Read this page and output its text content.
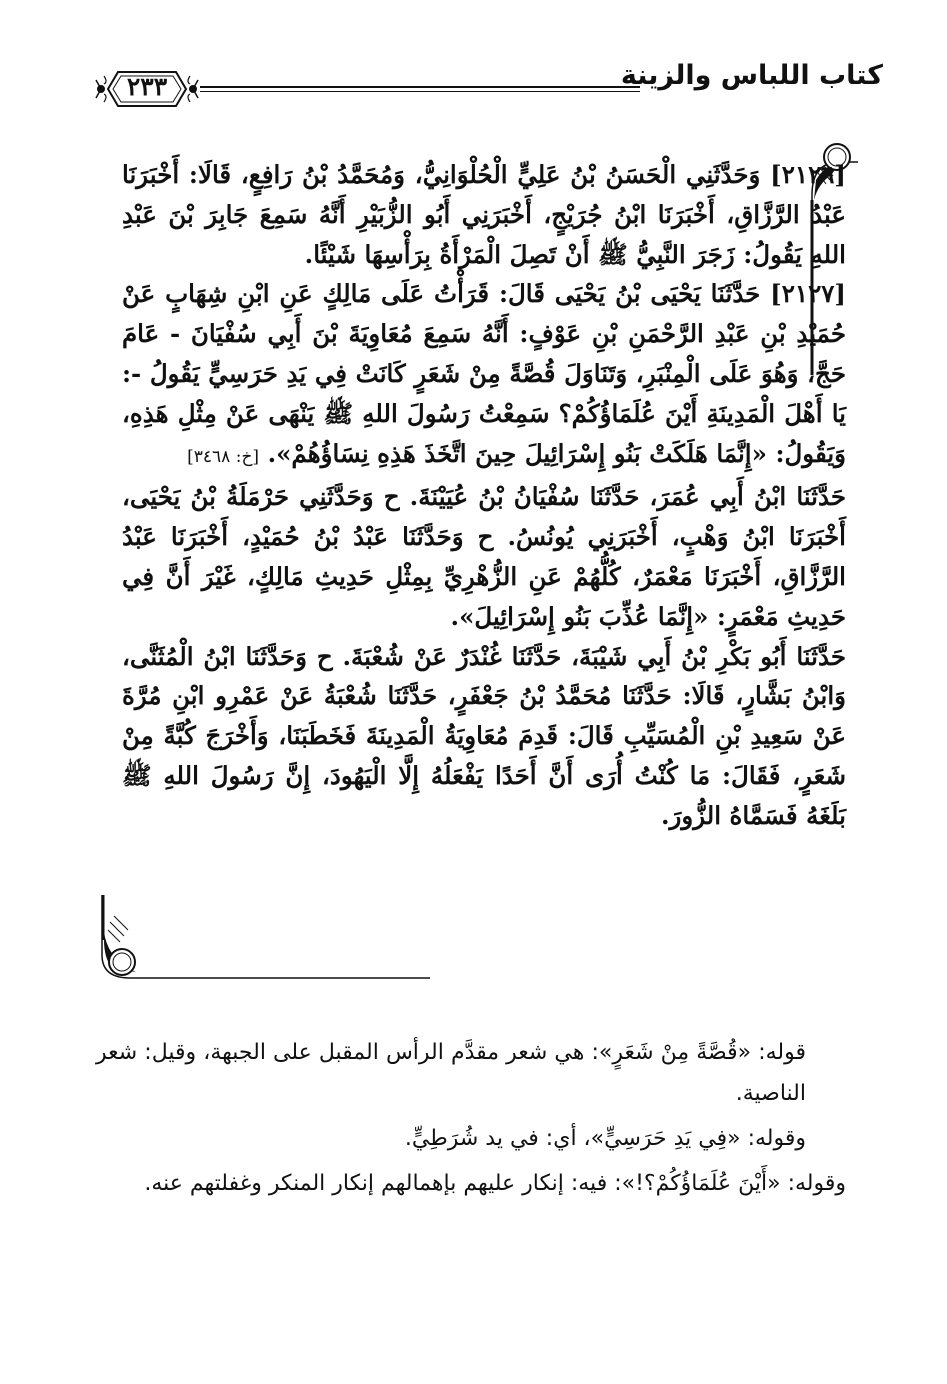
كتاب اللباس والزينة
٢٣٣

[٢١٢٦] وَحَدَّثَنِي الْحَسَنُ بْنُ عَلِيٍّ الْحُلْوَانِيُّ، وَمُحَمَّدُ بْنُ رَافِعٍ، قَالَا: أَخْبَرَنَا عَبْدُ الرَّزَّاقِ، أَخْبَرَنَا ابْنُ جُرَيْجٍ، أَخْبَرَنِي أَبُو الزُّبَيْرِ أَنَّهُ سَمِعَ جَابِرَ بْنَ عَبْدِ اللهِ يَقُولُ: زَجَرَ النَّبِيُّ ﷺ أَنْ تَصِلَ الْمَرْأَةُ بِرَأْسِهَا شَيْئًا.

[٢١٢٧] حَدَّثَنَا يَحْيَى بْنُ يَحْيَى قَالَ: قَرَأْتُ عَلَى مَالِكٍ عَنِ ابْنِ شِهَابٍ عَنْ حُمَيْدِ بْنِ عَبْدِ الرَّحْمَنِ بْنِ عَوْفٍ: أَنَّهُ سَمِعَ مُعَاوِيَةَ بْنَ أَبِي سُفْيَانَ - عَامَ حَجَّ، وَهُوَ عَلَى الْمِنْبَرِ، وَتَنَاوَلَ قُصَّةً مِنْ شَعَرٍ كَانَتْ فِي يَدِ حَرَسِيٍّ يَقُولُ -: يَا أَهْلَ الْمَدِينَةِ أَيْنَ عُلَمَاؤُكُمْ؟ سَمِعْتُ رَسُولَ اللهِ ﷺ يَنْهَى عَنْ مِثْلِ هَذِهِ، وَيَقُولُ: «إِنَّمَا هَلَكَتْ بَنُو إِسْرَائِيلَ حِينَ اتَّخَذَ هَذِهِ نِسَاؤُهُمْ». [خ: ٣٤٦٨]

حَدَّثَنَا ابْنُ أَبِي عُمَرَ، حَدَّثَنَا سُفْيَانُ بْنُ عُيَيْنَةَ. ح وَحَدَّثَنِي حَرْمَلَةُ بْنُ يَحْيَى، أَخْبَرَنَا ابْنُ وَهْبٍ، أَخْبَرَنِي يُونُسُ. ح وَحَدَّثَنَا عَبْدُ بْنُ حُمَيْدٍ، أَخْبَرَنَا عَبْدُ الرَّزَّاقِ، أَخْبَرَنَا مَعْمَرٌ، كُلُّهُمْ عَنِ الزُّهْرِيِّ بِمِثْلِ حَدِيثِ مَالِكٍ، غَيْرَ أَنَّ فِي حَدِيثِ مَعْمَرٍ: «إِنَّمَا عُذِّبَ بَنُو إِسْرَائِيلَ».

حَدَّثَنَا أَبُو بَكْرِ بْنُ أَبِي شَيْبَةَ، حَدَّثَنَا غُنْدَرٌ عَنْ شُعْبَةَ. ح وَحَدَّثَنَا ابْنُ الْمُثَنَّى، وَابْنُ بَشَّارٍ، قَالَا: حَدَّثَنَا مُحَمَّدُ بْنُ جَعْفَرٍ، حَدَّثَنَا شُعْبَةُ عَنْ عَمْرِو ابْنِ مُرَّةَ عَنْ سَعِيدِ بْنِ الْمُسَيِّبِ قَالَ: قَدِمَ مُعَاوِيَةُ الْمَدِينَةَ فَخَطَبَنَا، وَأَخْرَجَ كُبَّةً مِنْ شَعَرٍ، فَقَالَ: مَا كُنْتُ أُرَى أَنَّ أَحَدًا يَفْعَلُهُ إِلَّا الْيَهُودَ، إِنَّ رَسُولَ اللهِ ﷺ بَلَغَهُ فَسَمَّاهُ الزُّورَ.

قوله: «قُصَّةً مِنْ شَعَرٍ»: هي شعر مقدَّم الرأس المقبل على الجبهة، وقيل: شعر الناصية.

وقوله: «فِي يَدِ حَرَسِيٍّ»، أي: في يد شُرَطِيٍّ.

وقوله: «أَيْنَ عُلَمَاؤُكُمْ؟!»: فيه: إنكار عليهم بإهمالهم إنكار المنكر وغفلتهم عنه.
